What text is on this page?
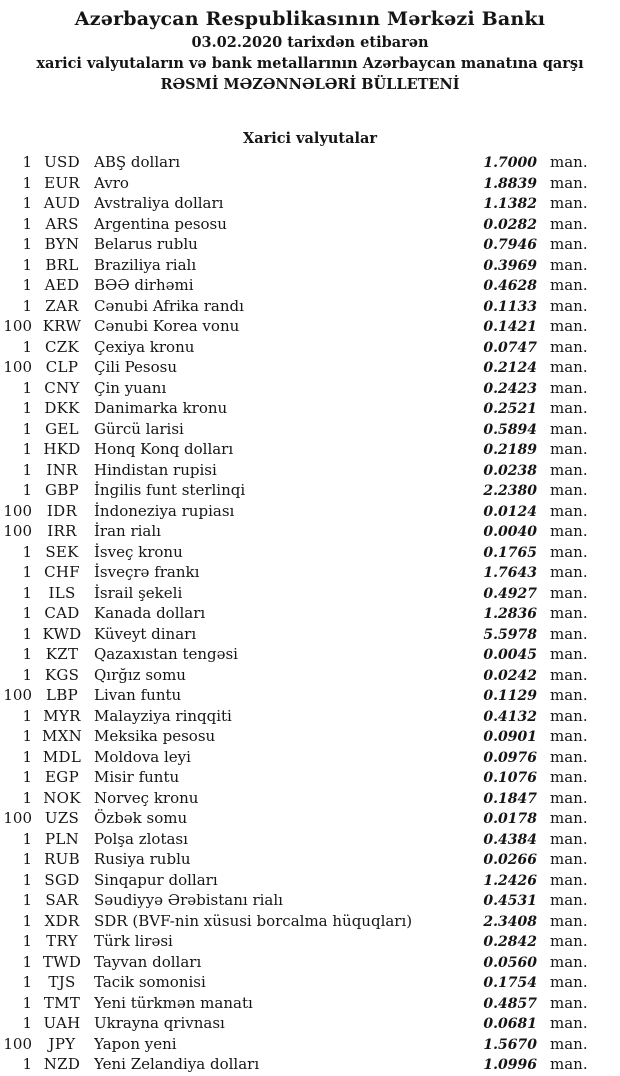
Azərbaycan Respublikasının Mərkəzi Bankı
03.02.2020 tarixdən etibarən
xarici valyutaların və bank metallarının Azərbaycan manatına qarşı
RƏSMİ MƏZƏNNƏLƏRİ BÜLLETENİ
Xarici valyutalar
1 USD ABŞ dolları	1.7000 man.
1 EUR Avro	1.8839 man.
1 AUD Avstraliya dolları	1.1382 man.
1 ARS	Argentina pesosu	0.0282 man.
1 BYN Belarus rublu	0.7946 man.
1 BRL	Braziliya rialı	0.3969 man.
1 AED BƏƏ dirhəmi	0.4628 man.
1 ZAR	Cənubi Afrika randı	0.1133 man.
100 KRW Cənubi Korea vonu	0.1421 man.
1 CZK	Çexiya kronu	0.0747 man.
100 CLP	Çili Pesosu	0.2124 man.
1 CNY Çin yuanı	0.2423 man.
1 DKK Danimarka kronu	0.2521 man.
1 GEL	Gürcü larisi	0.5894 man.
1 HKD Honq Konq dolları	0.2189 man.
1 INR	Hindistan rupisi	0.0238 man.
1 GBP	İngilis funt sterlinqi	2.2380 man.
100 IDR	İndoneziya rupiası	0.0124 man.
100	IRR	İran rialı	0.0040 man.
1 SEK	İsveç kronu	0.1765 man.
1 CHF İsveçrə frankı	1.7643 man.
1	ILS	İsrail şekeli	0.4927 man.
1 CAD Kanada dolları	1.2836 man.
1 KWD Küveyt dinarı	5.5978 man.
1 KZT	Qazaxıstan tengəsi	0.0045 man.
1 KGS Qırğız somu	0.0242 man.
100 LBP	Livan funtu	0.1129 man.
1 MYR Malayziya rinqqiti	0.4132 man.
1 MXN Meksika pesosu	0.0901 man.
1 MDL Moldova leyi	0.0976 man.
1 EGP	Misir funtu	0.1076 man.
1 NOK Norveç kronu	0.1847 man.
100 UZS Özbək somu	0.0178 man.
1 PLN Polşa zlotası	0.4384 man.
1 RUB Rusiya rublu	0.0266 man.
1 SGD Sinqapur dolları	1.2426 man.
1 SAR	Səudiyyə Ərəbistanı rialı	0.4531 man.
1 XDR SDR (BVF-nin xüsusi borcalma hüquqları)	2.3408 man.
1 TRY	Türk lirəsi	0.2842 man.
1 TWD Tayvan dolları	0.0560 man.
1	TJS	Tacik somonisi	0.1754 man.
1 TMT Yeni türkmən manatı	0.4857 man.
1 UAH Ukrayna qrivnası	0.0681 man.
100	JPY	Yapon yeni	1.5670 man.
1 NZD Yeni Zelandiya dolları	1.0996 man.
